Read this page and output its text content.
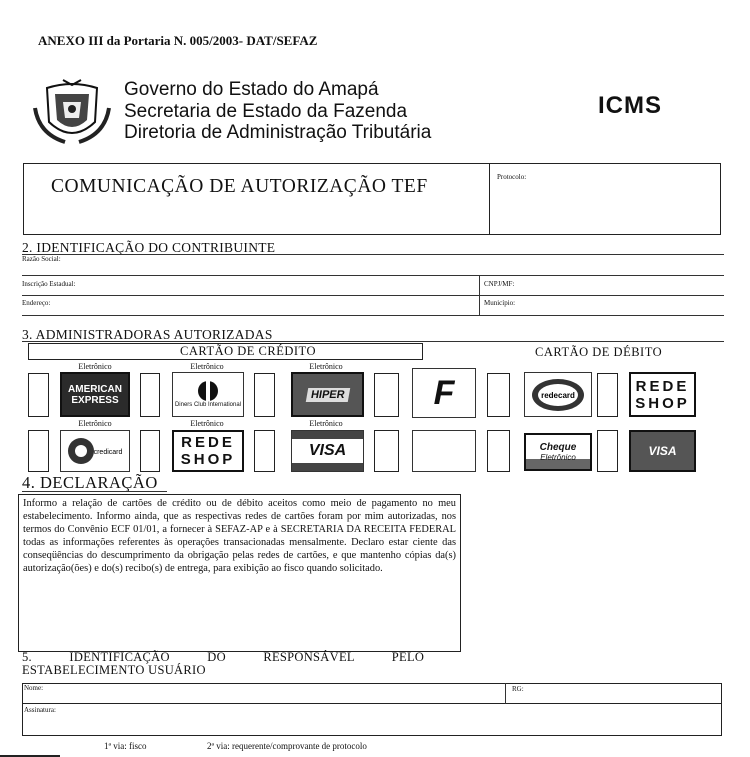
ANEXO III da Portaria N. 005/2003- DAT/SEFAZ
Governo do Estado do Amapá
Secretaria de Estado da Fazenda
Diretoria de Administração Tributária
ICMS
COMUNICAÇÃO DE AUTORIZAÇÃO TEF	Protocolo:
2. IDENTIFICAÇÃO DO CONTRIBUINTE
Razão Social:
Inscrição Estadual:	CNPJ/MF:
Endereço:	Município:
3. ADMINISTRADORAS AUTORIZADAS
CARTÃO DE CRÉDITO	CARTÃO DE DÉBITO
Eletrônico	Eletrônico	Eletrônico
AMERICAN
EXPRESS	Diners Club International
HIPER	F	redecard
REDE
SHOP
Eletrônico	Eletrônico	Eletrônico
credicard
REDE
SHOP
VISA	Cheque
Eletrônico	VISA
4. DECLARAÇÃO
Informo a relação de cartões de crédito ou de débito aceitos como meio de pagamento no meu estabelecimento. Informo ainda, que as respectivas redes de cartões foram por mim autorizadas, nos termos do Convênio ECF 01/01, a fornecer à SEFAZ-AP e à SECRETARIA DA RECEITA FEDERAL todas as informações referentes às operações transacionadas mensalmente. Declaro estar ciente das conseqüências do descumprimento da obrigação pelas redes de cartões, e que mantenho cópias da(s) autorização(ões) e do(s) recibo(s) de entrega, para exibição ao fisco quando solicitado.
5. IDENTIFICAÇÃO DO RESPONSÁVEL PELO
ESTABELECIMENTO USUÁRIO
Nome:	RG:
Assinatura:
1ª via: fisco	2ª via: requerente/comprovante de protocolo
